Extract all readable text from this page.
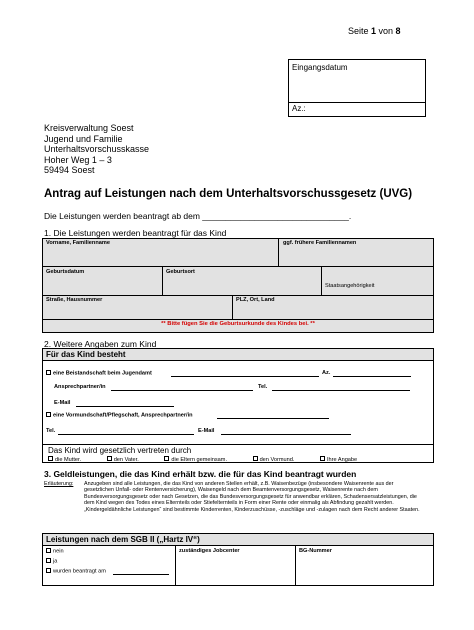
Seite 1 von 8
Eingangsdatum
Az.:
Kreisverwaltung Soest
Jugend und Familie
Unterhaltsvorschusskasse
Hoher Weg 1 – 3
59494 Soest
Antrag auf Leistungen nach dem Unterhaltsvorschussgesetz (UVG)
Die Leistungen werden beantragt ab dem _______________________________.
1. Die Leistungen werden beantragt für das Kind
Vorname, Familienname	ggf. frühere Familiennamen
Geburtsdatum	Geburtsort
Staatsangehörigkeit
Straße, Hausnummer	PLZ, Ort, Land
** Bitte fügen Sie die Geburtsurkunde des Kindes bei. **
2. Weitere Angaben zum Kind
Für das Kind besteht
eine Beistandschaft beim Jugendamt	Az.
Ansprechpartner/in	Tel.
E-Mail
eine Vormundschaft/Pflegschaft, Ansprechpartner/in
Tel.	E-Mail
Das Kind wird gesetzlich vertreten durch
die Mutter.	den Vater.	die Eltern gemeinsam.	den Vormund.	Ihre Angabe
3. Geldleistungen, die das Kind erhält bzw. die für das Kind beantragt wurden
Erläuterung: Anzugeben sind alle Leistungen, die das Kind von anderen Stellen erhält, z.B. Waisenbezüge (insbesondere Waisenrente aus der gesetzlichen Unfall- oder Rentenversicherung), Waisengeld nach dem Beamtenversorgungsgesetz, Waisenrente nach dem Bundesversorgungsgesetz oder nach Gesetzen, die das Bundesversorgungsgesetz für anwendbar erklären, Schadensersatzleistungen, die dem Kind wegen des Todes eines Elternteils oder Stiefelternteils in Form einer Rente oder einmalig als Abfindung gezahlt werden. „Kindergeldähnliche Leistungen“ sind bestimmte Kinderrenten, Kinderzuschüsse, -zuschläge und -zulagen nach dem Recht anderer Staaten.
Leistungen nach dem SGB II („Hartz IV“)
zuständiges Jobcenter	BG-Nummer
nein
ja
wurden beantragt am
